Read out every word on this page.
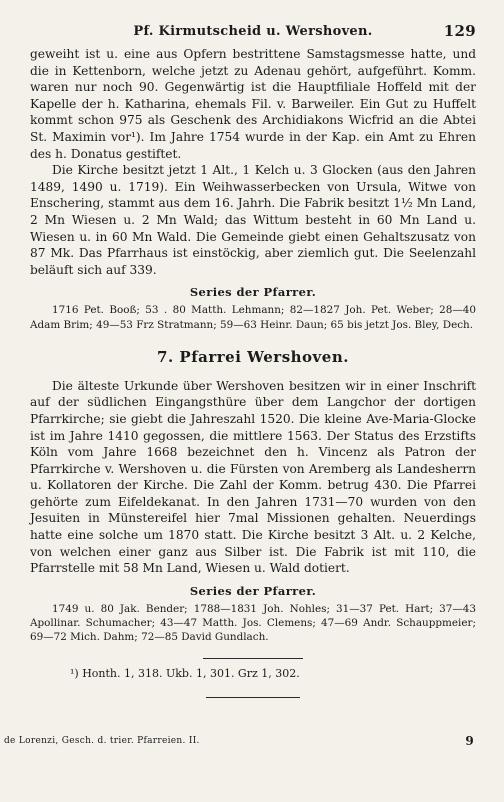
Pf. Kirmutscheid u. Wershoven.	129

geweiht ist u. eine aus Opfern bestrittene Samstagsmesse hatte, und die in Kettenborn, welche jetzt zu Adenau gehört, aufgeführt. Komm. waren nur noch 90. Gegenwärtig ist die Hauptfiliale Hoffeld mit der Kapelle der h. Katharina, ehemals Fil. v. Barweiler. Ein Gut zu Huffelt kommt schon 975 als Geschenk des Archidiakons Wicfrid an die Abtei St. Maximin vor¹). Im Jahre 1754 wurde in der Kap. ein Amt zu Ehren des h. Donatus gestiftet.

Die Kirche besitzt jetzt 1 Alt., 1 Kelch u. 3 Glocken (aus den Jahren 1489, 1490 u. 1719). Ein Weihwasserbecken von Ursula, Witwe von Enschering, stammt aus dem 16. Jahrh. Die Fabrik besitzt 1½ Mn Land, 2 Mn Wiesen u. 2 Mn Wald; das Wittum besteht in 60 Mn Land u. Wiesen u. in 60 Mn Wald. Die Gemeinde giebt einen Gehaltszusatz von 87 Mk. Das Pfarrhaus ist einstöckig, aber ziemlich gut. Die Seelenzahl beläuft sich auf 339.

Series der Pfarrer.
1716 Pet. Booß; 53 . 80 Matth. Lehmann; 82—1827 Joh. Pet. Weber; 28—40 Adam Brim; 49—53 Frz Stratmann; 59—63 Heinr. Daun; 65 bis jetzt Jos. Bley, Dech.
7. Pfarrei Wershoven.

Die älteste Urkunde über Wershoven besitzen wir in einer Inschrift auf der südlichen Eingangsthüre über dem Langchor der dortigen Pfarrkirche; sie giebt die Jahreszahl 1520. Die kleine Ave-Maria-Glocke ist im Jahre 1410 gegossen, die mittlere 1563. Der Status des Erzstifts Köln vom Jahre 1668 bezeichnet den h. Vincenz als Patron der Pfarrkirche v. Wershoven u. die Fürsten von Aremberg als Landesherrn u. Kollatoren der Kirche. Die Zahl der Komm. betrug 430. Die Pfarrei gehörte zum Eifeldekanat. In den Jahren 1731—70 wurden von den Jesuiten in Münstereifel hier 7mal Missionen gehalten. Neuerdings hatte eine solche um 1870 statt. Die Kirche besitzt 3 Alt. u. 2 Kelche, von welchen einer ganz aus Silber ist. Die Fabrik ist mit 110, die Pfarrstelle mit 58 Mn Land, Wiesen u. Wald dotiert.

Series der Pfarrer.
1749 u. 80 Jak. Bender; 1788—1831 Joh. Nohles; 31—37 Pet. Hart; 37—43 Apollinar. Schumacher; 43—47 Matth. Jos. Clemens; 47—69 Andr. Schauppmeier; 69—72 Mich. Dahm; 72—85 David Gundlach.
¹) Honth. 1, 318. Ukb. 1, 301. Grz 1, 302.
de Lorenzi, Gesch. d. trier. Pfarreien. II.	9
